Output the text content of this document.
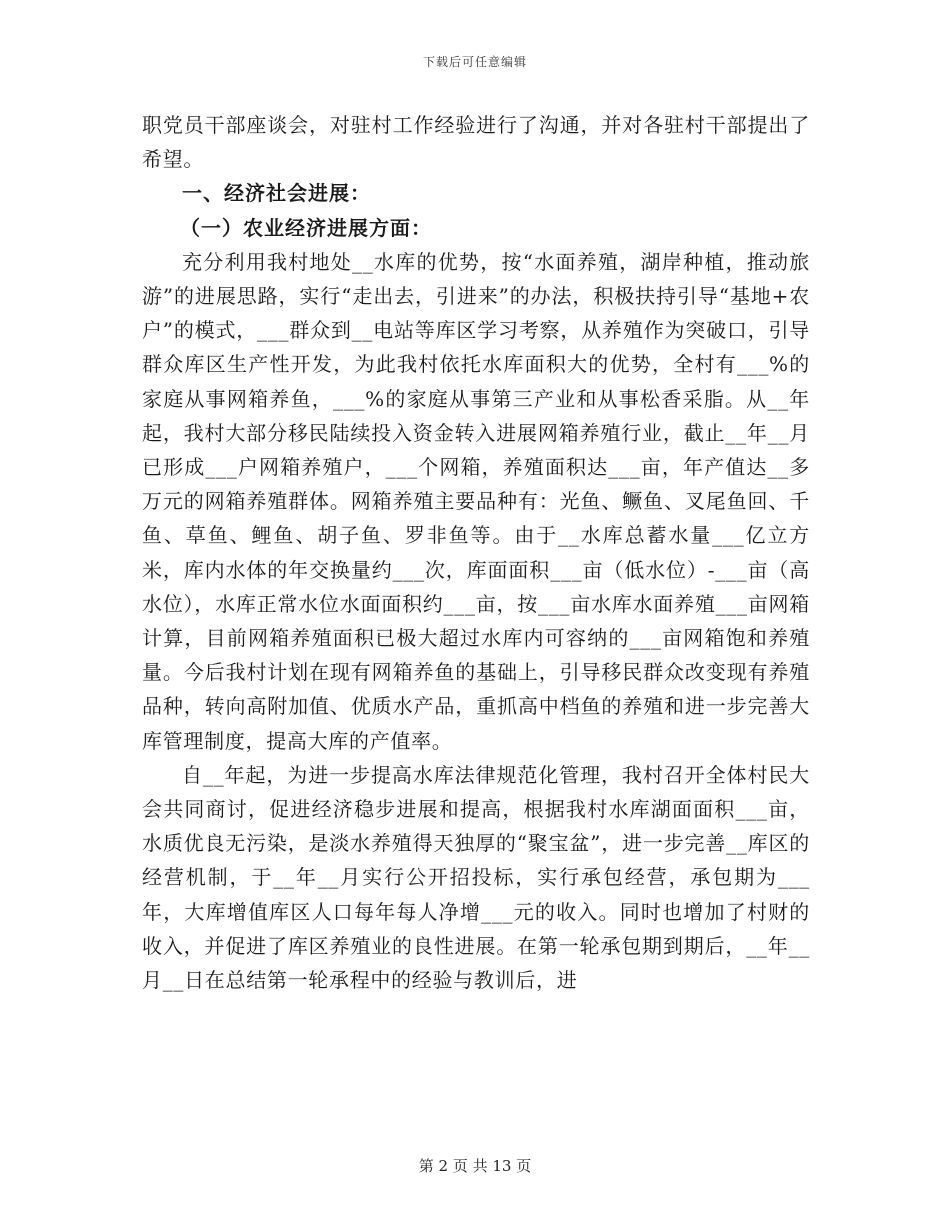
下载后可任意编辑

职党员干部座谈会，对驻村工作经验进行了沟通，并对各驻村干部提出了希望。

一、经济社会进展：

（一）农业经济进展方面：

充分利用我村地处__水库的优势，按“水面养殖，湖岸种植，推动旅游”的进展思路，实行“走出去，引进来”的办法，积极扶持引导“基地+农户”的模式，___群众到__电站等库区学习考察，从养殖作为突破口，引导群众库区生产性开发，为此我村依托水库面积大的优势，全村有___%的家庭从事网箱养鱼，___%的家庭从事第三产业和从事松香采脂。从__年起，我村大部分移民陆续投入资金转入进展网箱养殖行业，截止__年__月已形成___户网箱养殖户，___个网箱，养殖面积达___亩，年产值达__多万元的网箱养殖群体。网箱养殖主要品种有：光鱼、鳜鱼、叉尾鱼回、千鱼、草鱼、鲤鱼、胡子鱼、罗非鱼等。由于__水库总蓄水量___亿立方米，库内水体的年交换量约___次，库面面积___亩（低水位）-___亩（高水位），水库正常水位水面面积约___亩，按___亩水库水面养殖___亩网箱计算，目前网箱养殖面积已极大超过水库内可容纳的___亩网箱饱和养殖量。今后我村计划在现有网箱养鱼的基础上，引导移民群众改变现有养殖品种，转向高附加值、优质水产品，重抓高中档鱼的养殖和进一步完善大库管理制度，提高大库的产值率。

自__年起，为进一步提高水库法律规范化管理，我村召开全体村民大会共同商讨，促进经济稳步进展和提高，根据我村水库湖面面积___亩，水质优良无污染，是淡水养殖得天独厚的“聚宝盆”，进一步完善__库区的经营机制，于__年__月实行公开招投标，实行承包经营，承包期为___年，大库增值库区人口每年每人净增___元的收入。同时也增加了村财的收入，并促进了库区养殖业的良性进展。在第一轮承包期到期后，__年__月__日在总结第一轮承程中的经验与教训后，进

第 2 页 共 13 页
